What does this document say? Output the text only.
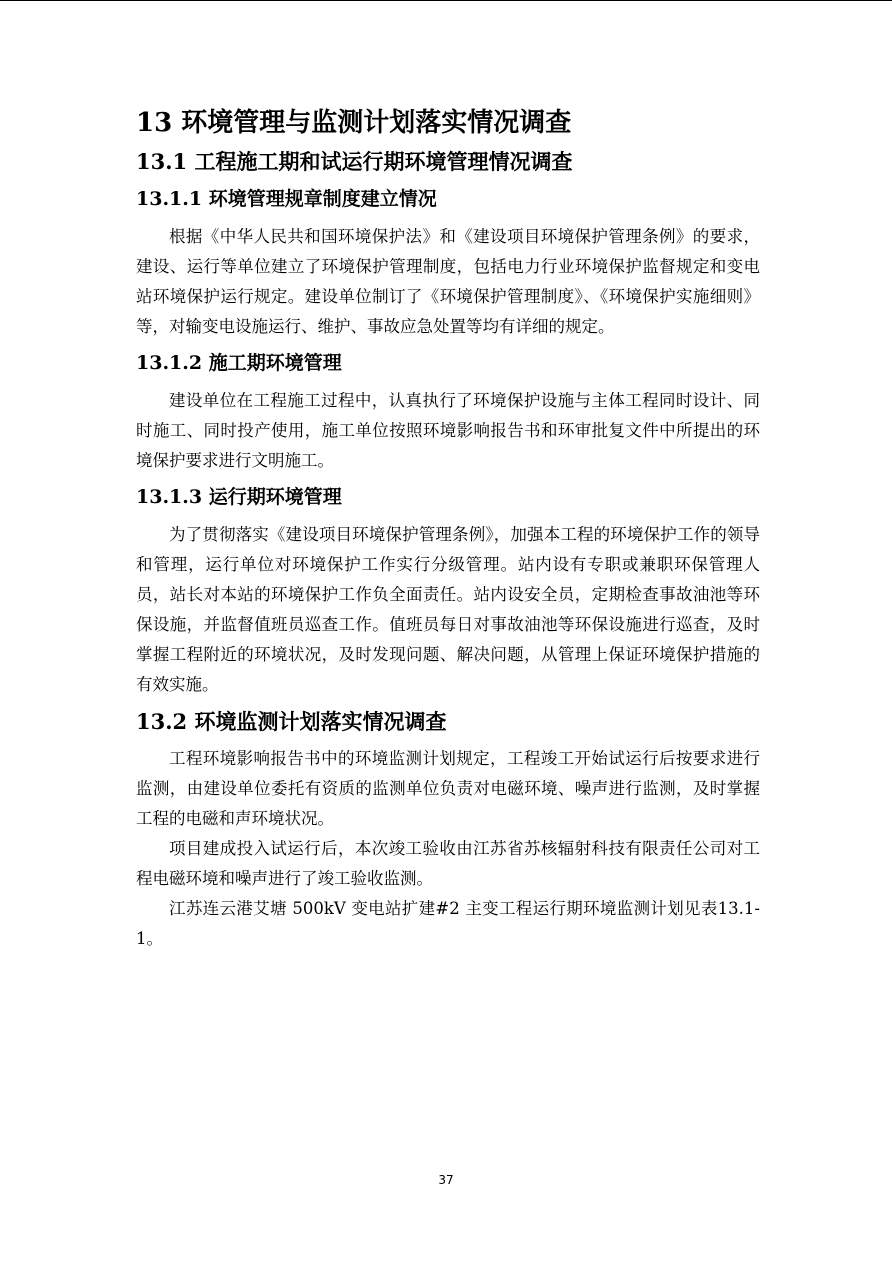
13 环境管理与监测计划落实情况调查
13.1 工程施工期和试运行期环境管理情况调查
13.1.1 环境管理规章制度建立情况

根据《中华人民共和国环境保护法》和《建设项目环境保护管理条例》的要求，建设、运行等单位建立了环境保护管理制度，包括电力行业环境保护监督规定和变电站环境保护运行规定。建设单位制订了《环境保护管理制度》、《环境保护实施细则》等，对输变电设施运行、维护、事故应急处置等均有详细的规定。

13.1.2 施工期环境管理

建设单位在工程施工过程中，认真执行了环境保护设施与主体工程同时设计、同时施工、同时投产使用，施工单位按照环境影响报告书和环审批复文件中所提出的环境保护要求进行文明施工。

13.1.3 运行期环境管理

为了贯彻落实《建设项目环境保护管理条例》，加强本工程的环境保护工作的领导和管理，运行单位对环境保护工作实行分级管理。站内设有专职或兼职环保管理人员，站长对本站的环境保护工作负全面责任。站内设安全员，定期检查事故油池等环保设施，并监督值班员巡查工作。值班员每日对事故油池等环保设施进行巡查，及时掌握工程附近的环境状况，及时发现问题、解决问题，从管理上保证环境保护措施的有效实施。

13.2 环境监测计划落实情况调查

工程环境影响报告书中的环境监测计划规定，工程竣工开始试运行后按要求进行监测，由建设单位委托有资质的监测单位负责对电磁环境、噪声进行监测，及时掌握工程的电磁和声环境状况。

项目建成投入试运行后，本次竣工验收由江苏省苏核辐射科技有限责任公司对工程电磁环境和噪声进行了竣工验收监测。

江苏连云港艾塘 500kV 变电站扩建#2 主变工程运行期环境监测计划见表13.1-1。

37
